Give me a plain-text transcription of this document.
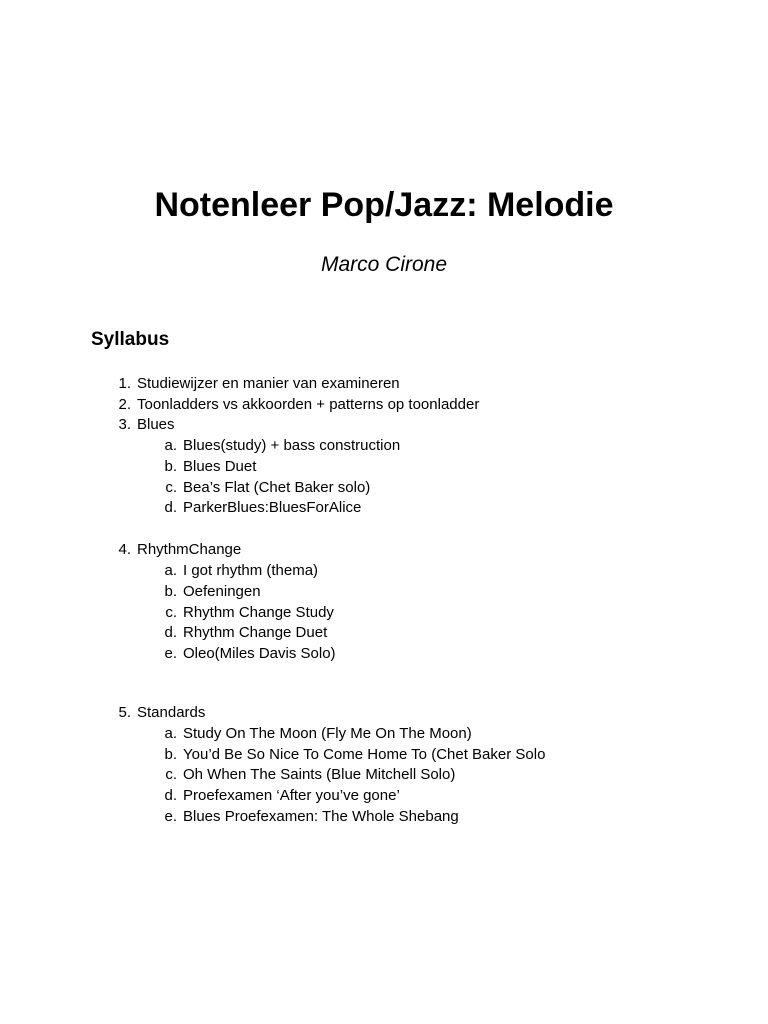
Notenleer Pop/Jazz: Melodie
Marco Cirone
Syllabus
1. Studiewijzer en manier van examineren
2. Toonladders vs akkoorden + patterns op toonladder
3. Blues
a. Blues(study) + bass construction
b. Blues Duet
c. Bea’s Flat (Chet Baker solo)
d. ParkerBlues:BluesForAlice
4. RhythmChange
a. I got rhythm (thema)
b. Oefeningen
c. Rhythm Change Study
d. Rhythm Change Duet
e. Oleo(Miles Davis Solo)
5. Standards
a. Study On The Moon (Fly Me On The Moon)
b. You’d Be So Nice To Come Home To (Chet Baker Solo
c. Oh When The Saints (Blue Mitchell Solo)
d. Proefexamen ‘After you’ve gone’
e. Blues Proefexamen: The Whole Shebang
